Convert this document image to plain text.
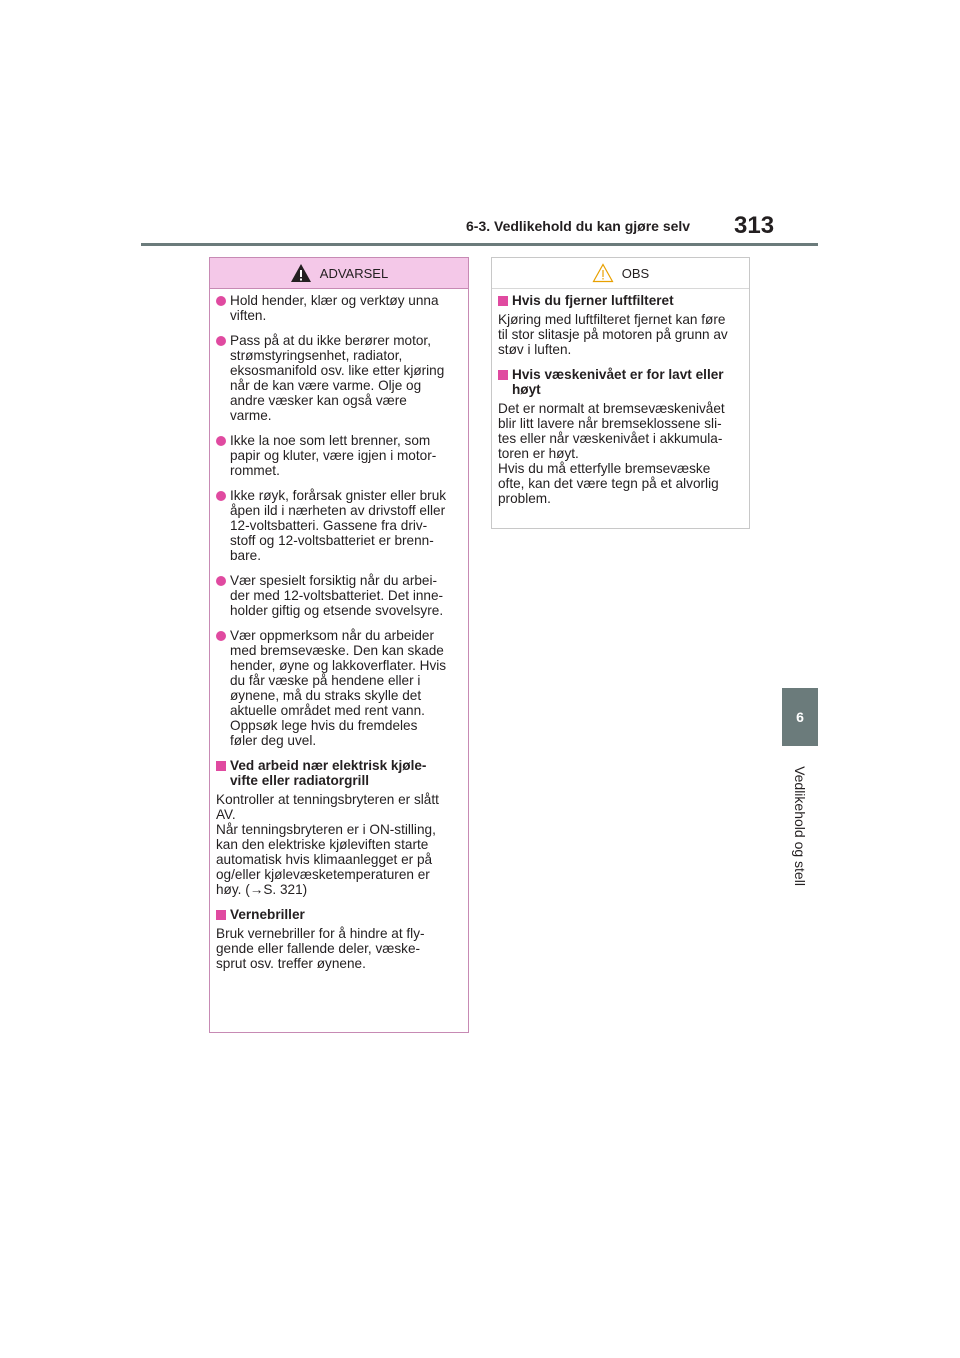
6-3. Vedlikehold du kan gjøre selv 313
6
Vedlikehold og stell
ADVARSEL
Hold hender, klær og verktøy unna
viften.
Pass på at du ikke berører motor,
strømstyringsenhet, radiator,
eksosmanifold osv. like etter kjøring
når de kan være varme. Olje og
andre væsker kan også være
varme.
Ikke la noe som lett brenner, som
papir og kluter, være igjen i motor-
rommet.
Ikke røyk, forårsak gnister eller bruk
åpen ild i nærheten av drivstoff eller
12-voltsbatteri. Gassene fra driv-
stoff og 12-voltsbatteriet er brenn-
bare.
Vær spesielt forsiktig når du arbei-
der med 12-voltsbatteriet. Det inne-
holder giftig og etsende svovelsyre.
Vær oppmerksom når du arbeider
med bremsevæske. Den kan skade
hender, øyne og lakkoverflater. Hvis
du får væske på hendene eller i
øynene, må du straks skylle det
aktuelle området med rent vann.
Oppsøk lege hvis du fremdeles
føler deg uvel.
Ved arbeid nær elektrisk kjøle-
vifte eller radiatorgrill
Kontroller at tenningsbryteren er slått
AV.
Når tenningsbryteren er i ON-stilling,
kan den elektriske kjøleviften starte
automatisk hvis klimaanlegget er på
og/eller kjølevæsketemperaturen er
høy. (→S. 321)
Vernebriller
Bruk vernebriller for å hindre at fly-
gende eller fallende deler, væske-
sprut osv. treffer øynene.
OBS
Hvis du fjerner luftfilteret
Kjøring med luftfilteret fjernet kan føre
til stor slitasje på motoren på grunn av
støv i luften.
Hvis væskenivået er for lavt eller
høyt
Det er normalt at bremsevæskenivået
blir litt lavere når bremseklossene sli-
tes eller når væskenivået i akkumula-
toren er høyt.
Hvis du må etterfylle bremsevæske
ofte, kan det være tegn på et alvorlig
problem.
